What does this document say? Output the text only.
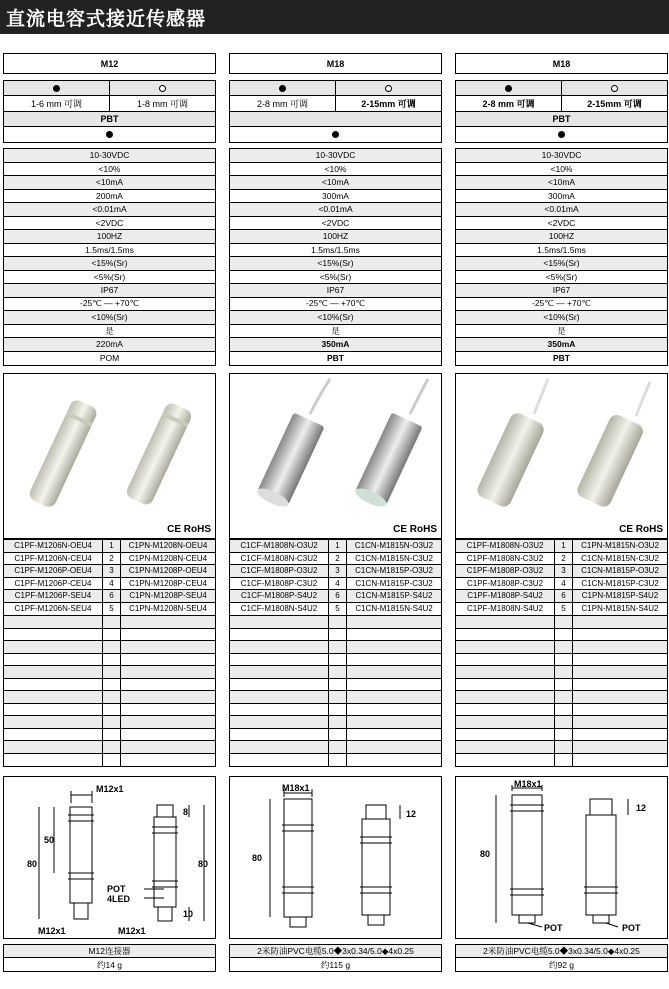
直流电容式接近传感器
M12
1-6 mm 可调	1-8 mm 可调
PBT
10-30VDC
<10%
<10mA
200mA
<0.01mA
<2VDC
100HZ
1.5ms/1.5ms
<15%(Sr)
<5%(Sr)
IP67
-25℃ — +70℃
<10%(Sr)
是
220mA
POM
CE RoHS
C1PF-M1206N-OEU4	1	C1PN-M1208N-OEU4
C1PF-M1206N-CEU4	2	C1PN-M1208N-CEU4
C1PF-M1206P-OEU4	3	C1PN-M1208P-OEU4
C1PF-M1206P-CEU4	4	C1PN-M1208P-CEU4
C1PF-M1206P-SEU4	6	C1PN-M1208P-SEU4
C1PF-M1206N-SEU4	5	C1PN-M1208N-SEU4
M12x1
50
80
8
80
10
POT
4LED
M12x1	M12x1
M12连接器
约14 g
M18
2-8 mm 可调	2-15mm 可调
10-30VDC
<10%
<10mA
300mA
<0.01mA
<2VDC
100HZ
1.5ms/1.5ms
<15%(Sr)
<5%(Sr)
IP67
-25℃ — +70℃
<10%(Sr)
是
350mA
PBT
CE RoHS
C1CF-M1808N-O3U2	1	C1CN-M1815N-O3U2
C1CF-M1808N-C3U2	2	C1CN-M1815N-C3U2
C1CF-M1808P-O3U2	3	C1CN-M1815P-O3U2
C1CF-M1808P-C3U2	4	C1CN-M1815P-C3U2
C1CF-M1808P-S4U2	6	C1CN-M1815P-S4U2
C1CF-M1808N-S4U2	5	C1CN-M1815N-S4U2
M18x1
80
12
2米防油PVC电缆5.0◆3x0.34/5.0◆4x0.25
约115 g
M18
2-8 mm 可调	2-15mm 可调
PBT
10-30VDC
<10%
<10mA
300mA
<0.01mA
<2VDC
100HZ
1.5ms/1.5ms
<15%(Sr)
<5%(Sr)
IP67
-25℃ — +70℃
<10%(Sr)
是
350mA
PBT
CE RoHS
C1PF-M1808N-O3U2	1	C1PN-M1815N-O3U2
C1PF-M1808N-C3U2	2	C1CN-M1815N-C3U2
C1PF-M1808P-O3U2	3	C1CN-M1815P-O3U2
C1PF-M1808P-C3U2	4	C1CN-M1815P-C3U2
C1PF-M1808P-S4U2	6	C1PN-M1815P-S4U2
C1PF-M1808N-S4U2	5	C1PN-M1815N-S4U2
M18x1
80
12
POT	POT
2米防油PVC电缆5.0◆3x0.34/5.0◆4x0.25
约92 g
